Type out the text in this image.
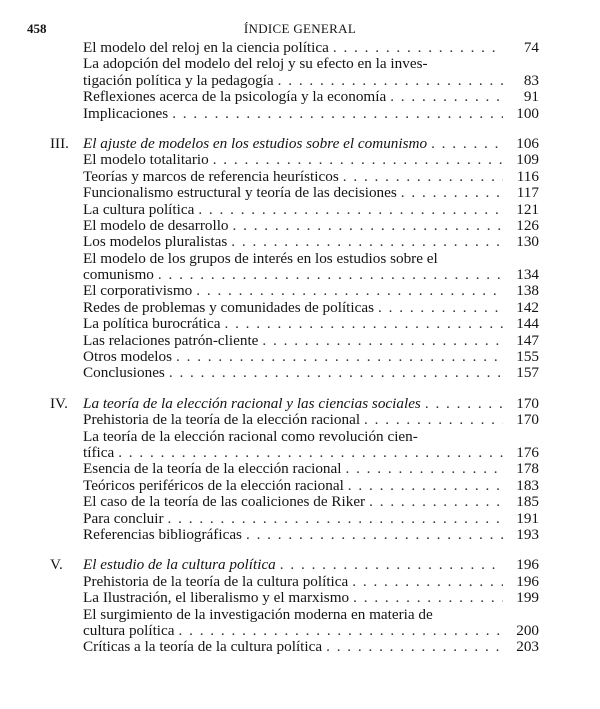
458	ÍNDICE GENERAL
El modelo del reloj en la ciencia política . . .	74
La adopción del modelo del reloj y su efecto en la inves-
tigación política y la pedagogía . . .	83
Reflexiones acerca de la psicología y la economía . . .	91
Implicaciones . . .	100
III. El ajuste de modelos en los estudios sobre el comunismo . . .	106
El modelo totalitario . . .	109
Teorías y marcos de referencia heurísticos . . .	116
Funcionalismo estructural y teoría de las decisiones . . .	117
La cultura política . . .	121
El modelo de desarrollo . . .	126
Los modelos pluralistas . . .	130
El modelo de los grupos de interés en los estudios sobre el
comunismo . . .	134
El corporativismo . . .	138
Redes de problemas y comunidades de políticas . . .	142
La política burocrática . . .	144
Las relaciones patrón-cliente . . .	147
Otros modelos . . .	155
Conclusiones . . .	157
IV. La teoría de la elección racional y las ciencias sociales . . .	170
Prehistoria de la teoría de la elección racional . . .	170
La teoría de la elección racional como revolución cien-
tífica . . .	176
Esencia de la teoría de la elección racional . . .	178
Teóricos periféricos de la elección racional . . .	183
El caso de la teoría de las coaliciones de Riker . . .	185
Para concluir . . .	191
Referencias bibliográficas . . .	193
V.	El estudio de la cultura política . . .	196
Prehistoria de la teoría de la cultura política . . .	196
La Ilustración, el liberalismo y el marxismo . . .	199
El surgimiento de la investigación moderna en materia de
cultura política . . .	200
Críticas a la teoría de la cultura política . . .	203
